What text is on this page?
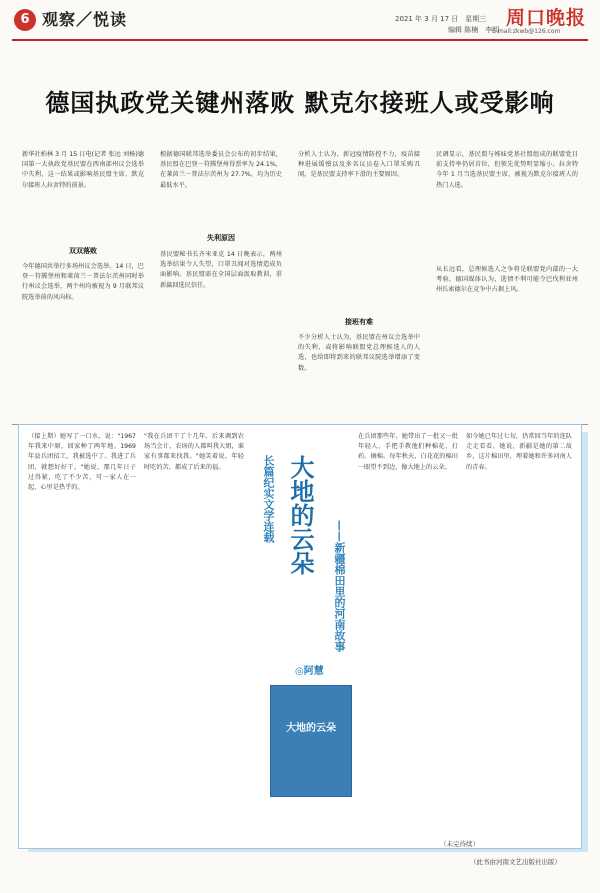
6 观察／悦读	2021 年 3 月 17 日　星期三
编辑 陈楠　李明
周口晚报
E-mail:zkwb@126.com
德国执政党关键州落败 默克尔接班人或受影响
新华社柏林 3 月 15 日电(记者 张远 刘杨)德国第一大执政党基民盟在西南部州议会选举中失利，这一结果或影响基民盟主席、默克尔接班人拉舍特的前景。
双双落败
今年德国共举行多场州议会选举。14 日，巴登－符腾堡州和莱茵兰－普法尔茨州同时举行州议会选举，两个州均被视为 9 月联邦议院选举前的风向标。
根据德国联邦选举委员会公布的初步结果，基民盟在巴登－符腾堡州得票率为 24.1%，在莱茵兰－普法尔茨州为 27.7%，均为历史最低水平。
失利原因
基民盟秘书长齐米亚克 14 日晚表示，两州选举结果令人失望，口罩丑闻对选情造成负面影响。基民盟需在全国层面汲取教训，重新赢回选民信任。
分析人士认为，新冠疫情防控不力、疫苗接种进展缓慢以及多名议员卷入口罩采购丑闻，是基民盟支持率下滑的主要原因。
接班有难
不少分析人士认为，基民盟在州议会选举中的失利，或将影响联盟党总理候选人的人选，也给即将到来的联邦议院选举增添了变数。
民调显示，基民盟与姊妹党基社盟组成的联盟党目前支持率仍居首位，但领先优势明显缩小。拉舍特今年 1 月当选基民盟主席，被视为默克尔接班人的热门人选。
从长远看，总理候选人之争将是联盟党内部的一大考验。德国媒体认为，选情不利可能令巴伐利亚州州长索德尔在竞争中占据上风。
（接上期）她写了一口水，说："1967 年我来中原，回家种了两年地。1969 年县兵团招工，我被选中了。我进了兵团，就想好好干。"她说，那几年日子过得紧，吃了不少苦，可一家人在一起，心里是热乎的。
"我在兵团干了十几年，后来调到农场当会计。农场的人都叫我大姐，谁家有事都来找我。"她笑着说，年轻时吃的苦，都成了后来的福。	长篇纪实文学连载 大地的云朵
——新疆棉田里的河南故事
◎阿慧
大地的云朵
在兵团那些年，她带出了一批又一批年轻人，手把手教他们种棉花、打药、摘棉。每年秋天，白花花的棉田一眼望不到边，像大地上的云朵。
如今她已年过七旬，仍常回当年的连队走走看看。她说，新疆是她的第二故乡，这片棉田里，埋着她和许多河南人的青春。
（未完待续）
（此书由河南文艺出版社出版）
